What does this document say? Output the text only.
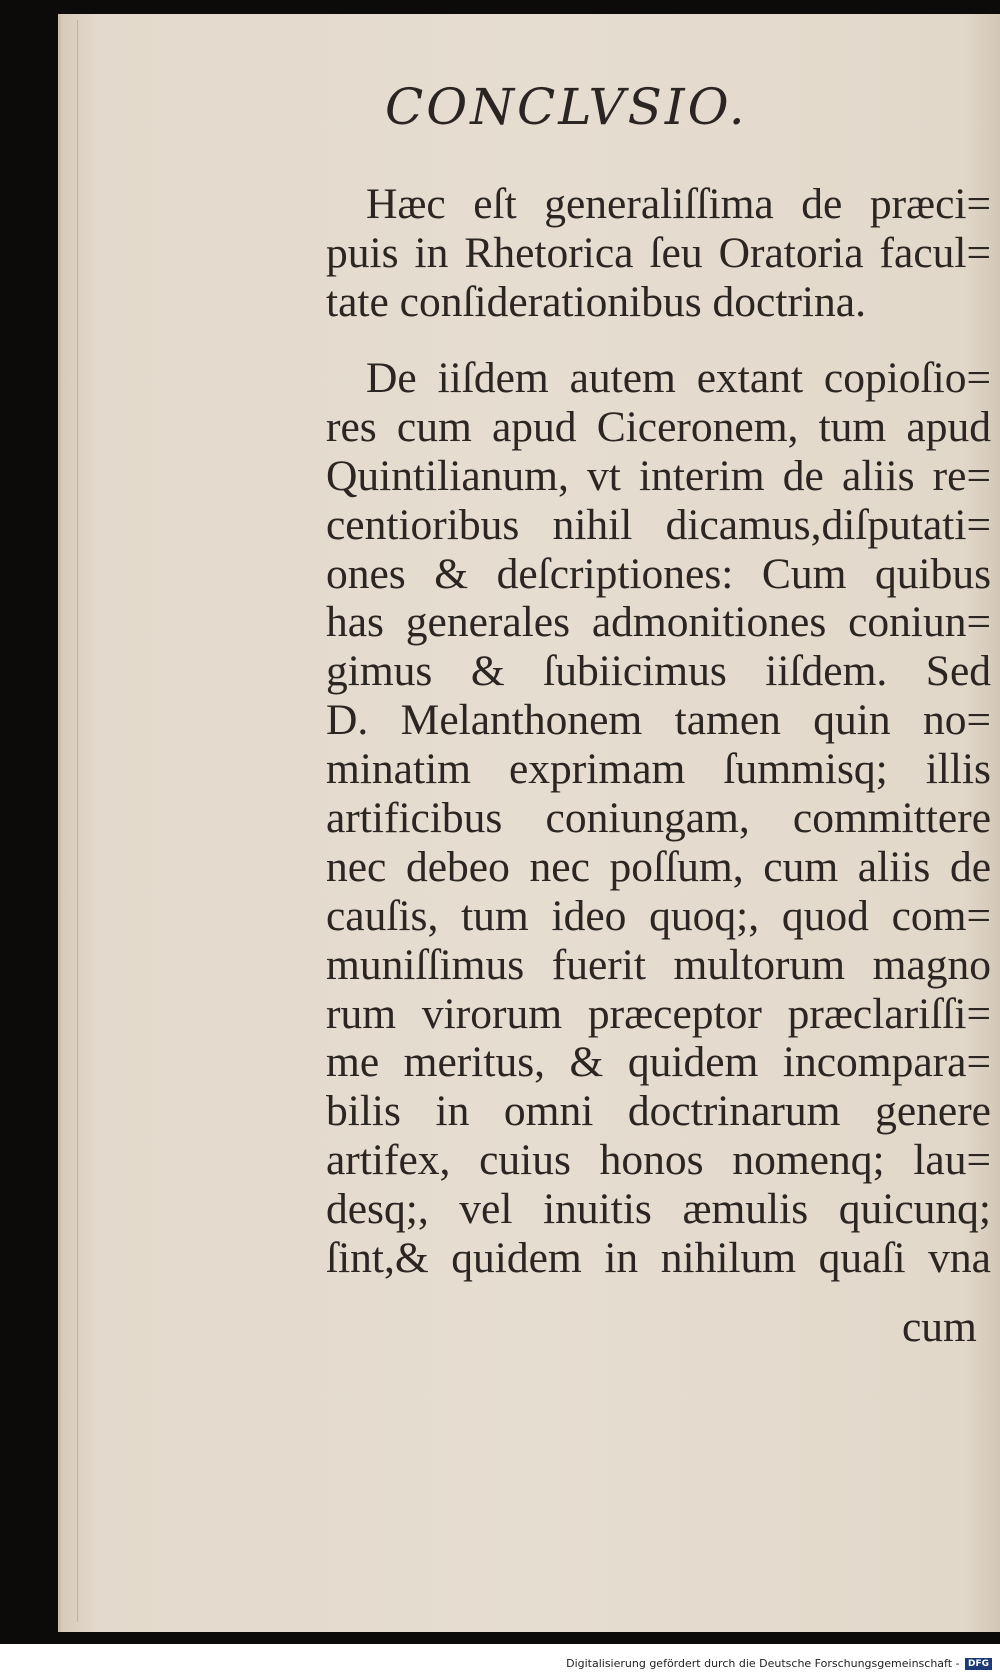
CONCLVSIO.
Hæc eſt generaliſſima de præci=
puis in Rhetorica ſeu Oratoria facul=
tate conſiderationibus doctrina.
De iiſdem autem extant copioſio=
res cum apud Ciceronem, tum apud
Quintilianum, vt interim de aliis re=
centioribus nihil dicamus,diſputati=
ones & deſcriptiones: Cum quibus
has generales admonitiones coniun=
gimus & ſubiicimus iiſdem. Sed
D. Melanthonem tamen quin no=
minatim exprimam ſummisq; illis
artificibus coniungam, committere
nec debeo nec poſſum, cum aliis de
cauſis, tum ideo quoq;, quod com=
muniſſimus fuerit multorum magno
rum virorum præceptor præclariſſi=
me meritus, & quidem incompara=
bilis in omni doctrinarum genere
artifex, cuius honos nomenq; lau=
desq;, vel inuitis æmulis quicunq;
ſint,& quidem in nihilum quaſi vna
cum
Digitalisierung gefördert durch die Deutsche Forschungsgemeinschaft - DFG
